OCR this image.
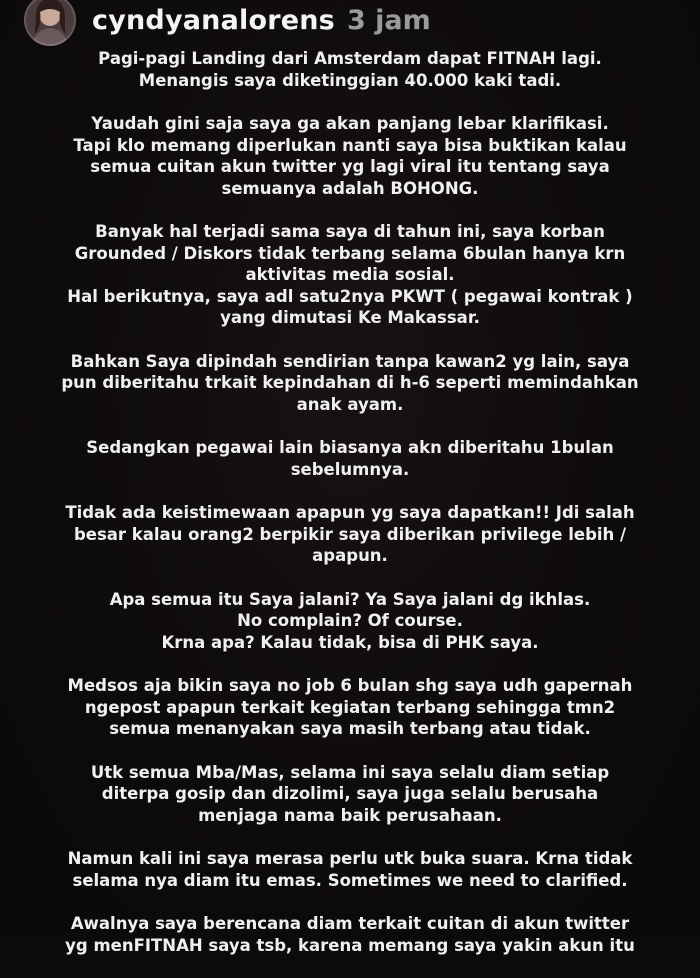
cyndyanalorens 3 jam

Pagi-pagi Landing dari Amsterdam dapat FITNAH lagi.
Menangis saya diketinggian 40.000 kaki tadi.

Yaudah gini saja saya ga akan panjang lebar klarifikasi.
Tapi klo memang diperlukan nanti saya bisa buktikan kalau
semua cuitan akun twitter yg lagi viral itu tentang saya
semuanya adalah BOHONG.

Banyak hal terjadi sama saya di tahun ini, saya korban
Grounded / Diskors tidak terbang selama 6bulan hanya krn
aktivitas media sosial.
Hal berikutnya, saya adl satu2nya PKWT ( pegawai kontrak )
yang dimutasi Ke Makassar.

Bahkan Saya dipindah sendirian tanpa kawan2 yg lain, saya
pun diberitahu trkait kepindahan di h-6 seperti memindahkan
anak ayam.

Sedangkan pegawai lain biasanya akn diberitahu 1bulan
sebelumnya.

Tidak ada keistimewaan apapun yg saya dapatkan!! Jdi salah
besar kalau orang2 berpikir saya diberikan privilege lebih /
apapun.

Apa semua itu Saya jalani? Ya Saya jalani dg ikhlas.
No complain? Of course.
Krna apa? Kalau tidak, bisa di PHK saya.

Medsos aja bikin saya no job 6 bulan shg saya udh gapernah
ngepost apapun terkait kegiatan terbang sehingga tmn2
semua menanyakan saya masih terbang atau tidak.

Utk semua Mba/Mas, selama ini saya selalu diam setiap
diterpa gosip dan dizolimi, saya juga selalu berusaha
menjaga nama baik perusahaan.

Namun kali ini saya merasa perlu utk buka suara. Krna tidak
selama nya diam itu emas. Sometimes we need to clarified.

Awalnya saya berencana diam terkait cuitan di akun twitter
yg menFITNAH saya tsb, karena memang saya yakin akun itu
